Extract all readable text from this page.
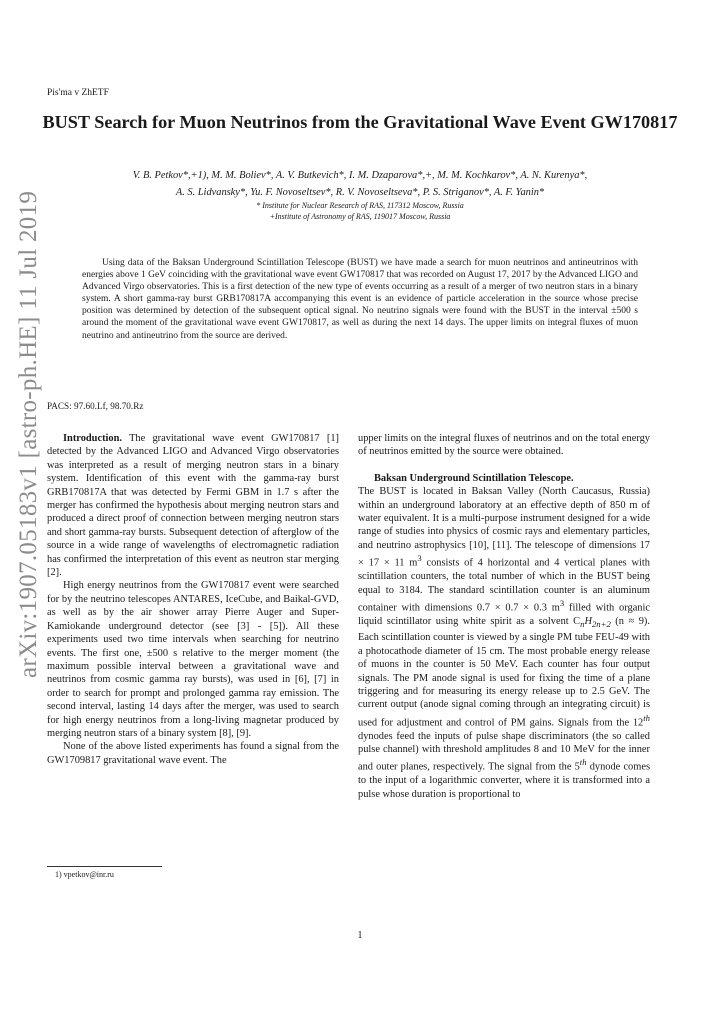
arXiv:1907.05183v1 [astro-ph.HE] 11 Jul 2019
Pis'ma v ZhETF
BUST Search for Muon Neutrinos from the Gravitational Wave Event GW170817
V. B. Petkov*,+1), M. M. Boliev*, A. V. Butkevich*, I. M. Dzaparova*,+, M. M. Kochkarov*, A. N. Kurenya*,
A. S. Lidvansky*, Yu. F. Novoseltsev*, R. V. Novoseltseva*, P. S. Striganov*, A. F. Yanin*
* Institute for Nuclear Research of RAS, 117312 Moscow, Russia
+Institute of Astronomy of RAS, 119017 Moscow, Russia
Using data of the Baksan Underground Scintillation Telescope (BUST) we have made a search for muon neutrinos and antineutrinos with energies above 1 GeV coinciding with the gravitational wave event GW170817 that was recorded on August 17, 2017 by the Advanced LIGO and Advanced Virgo observatories. This is a first detection of the new type of events occurring as a result of a merger of two neutron stars in a binary system. A short gamma-ray burst GRB170817A accompanying this event is an evidence of particle acceleration in the source whose precise position was determined by detection of the subsequent optical signal. No neutrino signals were found with the BUST in the interval ±500 s around the moment of the gravitational wave event GW170817, as well as during the next 14 days. The upper limits on integral fluxes of muon neutrino and antineutrino from the source are derived.
PACS: 97.60.Lf, 98.70.Rz

Introduction. The gravitational wave event GW170817 [1] detected by the Advanced LIGO and Advanced Virgo observatories was interpreted as a result of merging neutron stars in a binary system. Identification of this event with the gamma-ray burst GRB170817A that was detected by Fermi GBM in 1.7 s after the merger has confirmed the hypothesis about merging neutron stars and produced a direct proof of connection between merging neutron stars and short gamma-ray bursts. Subsequent detection of afterglow of the source in a wide range of wavelengths of electromagnetic radiation has confirmed the interpretation of this event as neutron star merging [2].

High energy neutrinos from the GW170817 event were searched for by the neutrino telescopes ANTARES, IceCube, and Baikal-GVD, as well as by the air shower array Pierre Auger and Super-Kamiokande underground detector (see [3] - [5]). All these experiments used two time intervals when searching for neutrino events. The first one, ±500 s relative to the merger moment (the maximum possible interval between a gravitational wave and neutrinos from cosmic gamma ray bursts), was used in [6], [7] in order to search for prompt and prolonged gamma ray emission. The second interval, lasting 14 days after the merger, was used to search for high energy neutrinos from a long-living magnetar produced by merging neutron stars of a binary system [8], [9].

None of the above listed experiments has found a signal from the GW1709817 gravitational wave event. The

upper limits on the integral fluxes of neutrinos and on the total energy of neutrinos emitted by the source were obtained.

Baksan Underground Scintillation Telescope.

The BUST is located in Baksan Valley (North Caucasus, Russia) within an underground laboratory at an effective depth of 850 m of water equivalent. It is a multi-purpose instrument designed for a wide range of studies into physics of cosmic rays and elementary particles, and neutrino astrophysics [10], [11]. The telescope of dimensions 17 × 17 × 11 $m^3$ consists of 4 horizontal and 4 vertical planes with scintillation counters, the total number of which in the BUST being equal to 3184. The standard scintillation counter is an aluminum container with dimensions 0.7 × 0.7 × 0.3 $m^3$ filled with organic liquid scintillator using white spirit as a solvent $C_nH_{2n+2}$ (n ≈ 9). Each scintillation counter is viewed by a single PM tube FEU-49 with a photocathode diameter of 15 cm. The most probable energy release of muons in the counter is 50 MeV. Each counter has four output signals. The PM anode signal is used for fixing the time of a plane triggering and for measuring its energy release up to 2.5 GeV. The current output (anode signal coming through an integrating circuit) is used for adjustment and control of PM gains. Signals from the 12th dynodes feed the inputs of pulse shape discriminators (the so called pulse channel) with threshold amplitudes 8 and 10 MeV for the inner and outer planes, respectively. The signal from the 5th dynode comes to the input of a logarithmic converter, where it is transformed into a pulse whose duration is proportional to

1) vpetkov@inr.ru
1
